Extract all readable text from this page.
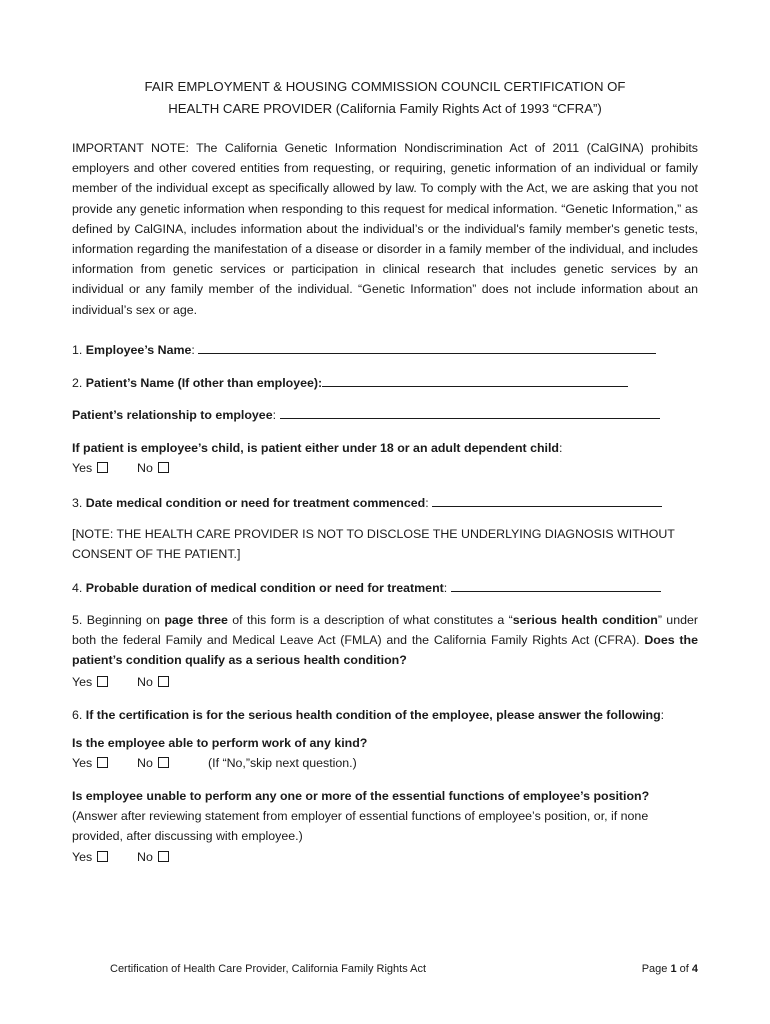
FAIR EMPLOYMENT & HOUSING COMMISSION COUNCIL CERTIFICATION OF
HEALTH CARE PROVIDER (California Family Rights Act of 1993 “CFRA”)
IMPORTANT NOTE: The California Genetic Information Nondiscrimination Act of 2011 (CalGINA) prohibits employers and other covered entities from requesting, or requiring, genetic information of an individual or family member of the individual except as specifically allowed by law. To comply with the Act, we are asking that you not provide any genetic information when responding to this request for medical information. “Genetic Information,” as defined by CalGINA, includes information about the individual’s or the individual's family member's genetic tests, information regarding the manifestation of a disease or disorder in a family member of the individual, and includes information from genetic services or participation in clinical research that includes genetic services by an individual or any family member of the individual. “Genetic Information” does not include information about an individual’s sex or age.
1. Employee’s Name:
2. Patient’s Name (If other than employee):
Patient’s relationship to employee:
If patient is employee’s child, is patient either under 18 or an adult dependent child:
Yes	No
3. Date medical condition or need for treatment commenced:
[NOTE: THE HEALTH CARE PROVIDER IS NOT TO DISCLOSE THE UNDERLYING DIAGNOSIS WITHOUT CONSENT OF THE PATIENT.]
4. Probable duration of medical condition or need for treatment:
5. Beginning on page three of this form is a description of what constitutes a “serious health condition” under both the federal Family and Medical Leave Act (FMLA) and the California Family Rights Act (CFRA). Does the patient’s condition qualify as a serious health condition?
Yes	No
6. If the certification is for the serious health condition of the employee, please answer the following:
Is the employee able to perform work of any kind?
Yes	No	(If “No,”skip next question.)
Is employee unable to perform any one or more of the essential functions of employee’s position? (Answer after reviewing statement from employer of essential functions of employee’s position, or, if none provided, after discussing with employee.)
Yes	No
Certification of Health Care Provider, California Family Rights Act	Page 1 of 4
